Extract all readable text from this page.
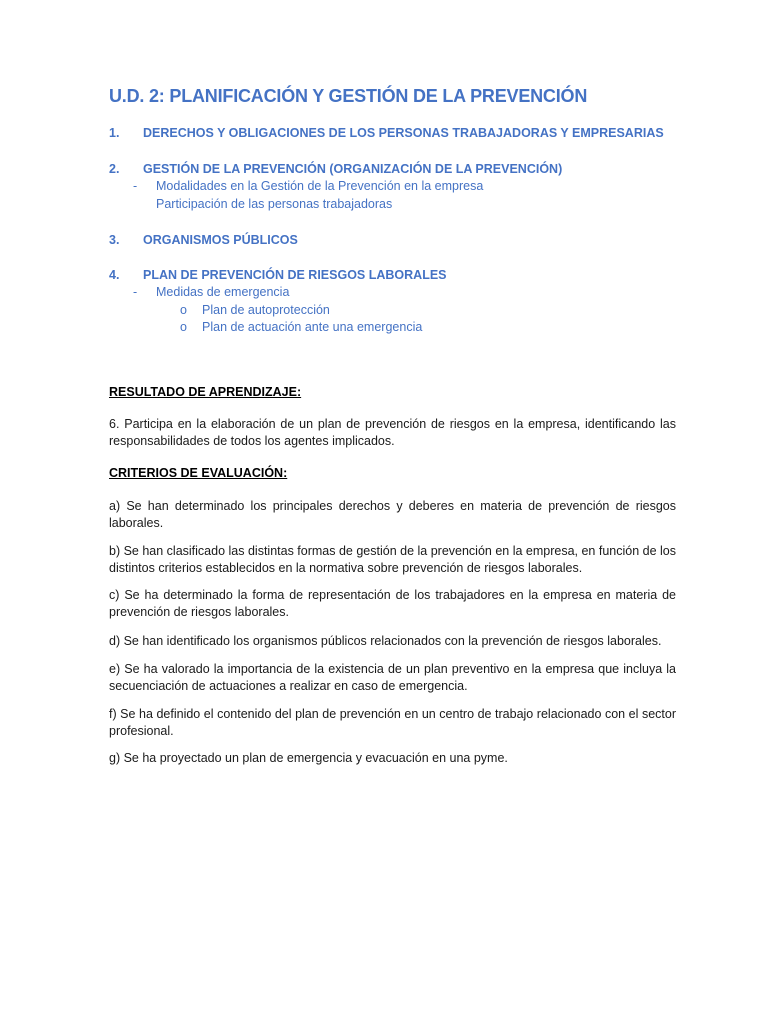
U.D. 2: PLANIFICACIÓN Y GESTIÓN DE LA PREVENCIÓN
1. DERECHOS Y OBLIGACIONES DE LOS PERSONAS TRABAJADORAS Y EMPRESARIAS
2. GESTIÓN DE LA PREVENCIÓN (ORGANIZACIÓN DE LA PREVENCIÓN)
- Modalidades en la Gestión de la Prevención en la empresa
Participación de las personas trabajadoras
3. ORGANISMOS PÚBLICOS
4. PLAN DE PREVENCIÓN DE RIESGOS LABORALES
- Medidas de emergencia
o Plan de autoprotección
o Plan de actuación ante una emergencia
RESULTADO DE APRENDIZAJE:
6. Participa en la elaboración de un plan de prevención de riesgos en la empresa, identificando las responsabilidades de todos los agentes implicados.
CRITERIOS DE EVALUACIÓN:
a) Se han determinado los principales derechos y deberes en materia de prevención de riesgos laborales.
b) Se han clasificado las distintas formas de gestión de la prevención en la empresa, en función de los distintos criterios establecidos en la normativa sobre prevención de riesgos laborales.
c) Se ha determinado la forma de representación de los trabajadores en la empresa en materia de prevención de riesgos laborales.
d) Se han identificado los organismos públicos relacionados con la prevención de riesgos laborales.
e) Se ha valorado la importancia de la existencia de un plan preventivo en la empresa que incluya la secuenciación de actuaciones a realizar en caso de emergencia.
f) Se ha definido el contenido del plan de prevención en un centro de trabajo relacionado con el sector profesional.
g) Se ha proyectado un plan de emergencia y evacuación en una pyme.
